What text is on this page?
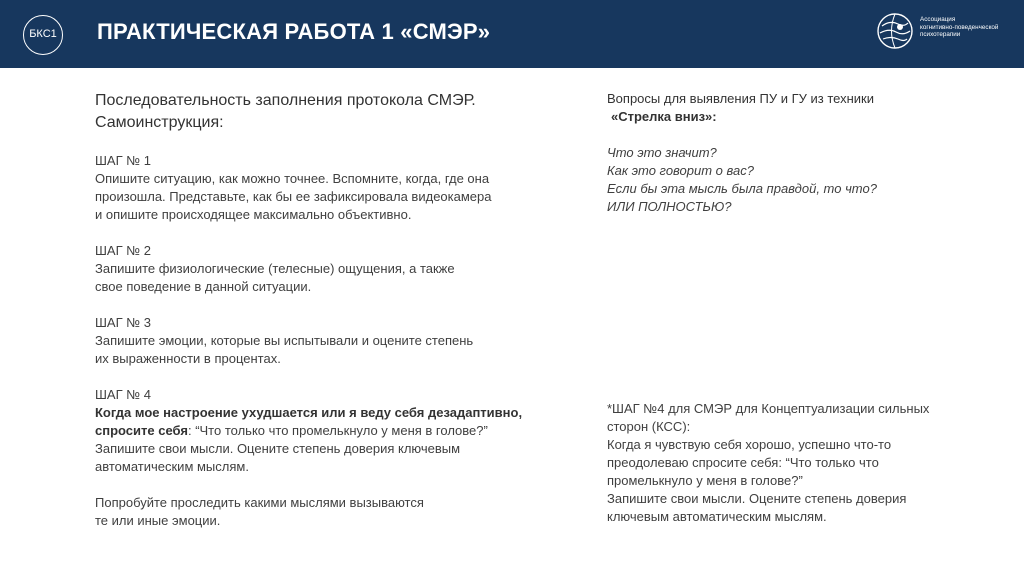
БКС1 ПРАКТИЧЕСКАЯ РАБОТА 1 «СМЭР»	Ассоциация
когнитивно-поведенческой
психотерапии
Последовательность заполнения протокола СМЭР.
Самоинструкция:
ШАГ № 1
Опишите ситуацию, как можно точнее. Вспомните, когда, где она
произошла. Представьте, как бы ее зафиксировала видеокамера
и опишите происходящее максимально объективно.
ШАГ № 2
Запишите физиологические (телесные) ощущения, а также
свое поведение в данной ситуации.
ШАГ № 3
Запишите эмоции, которые вы испытывали и оцените степень
их выраженности в процентах.
ШАГ № 4
Когда мое настроение ухудшается или я веду себя дезадаптивно,
спросите себя: “Что только что промелькнуло у меня в голове?”
Запишите свои мысли. Оцените степень доверия ключевым
автоматическим мыслям.
Попробуйте проследить какими мыслями вызываются
те или иные эмоции.
Вопросы для выявления ПУ и ГУ из техники
«Стрелка вниз»:
Что это значит?
Как это говорит о вас?
Если бы эта мысль была правдой, то что?
ИЛИ ПОЛНОСТЬЮ?
*ШАГ №4 для СМЭР для Концептуализации сильных
сторон (КСС):
Когда я чувствую себя хорошо, успешно что-то
преодолеваю спросите себя: “Что только что
промелькнуло у меня в голове?”
Запишите свои мысли. Оцените степень доверия
ключевым автоматическим мыслям.
